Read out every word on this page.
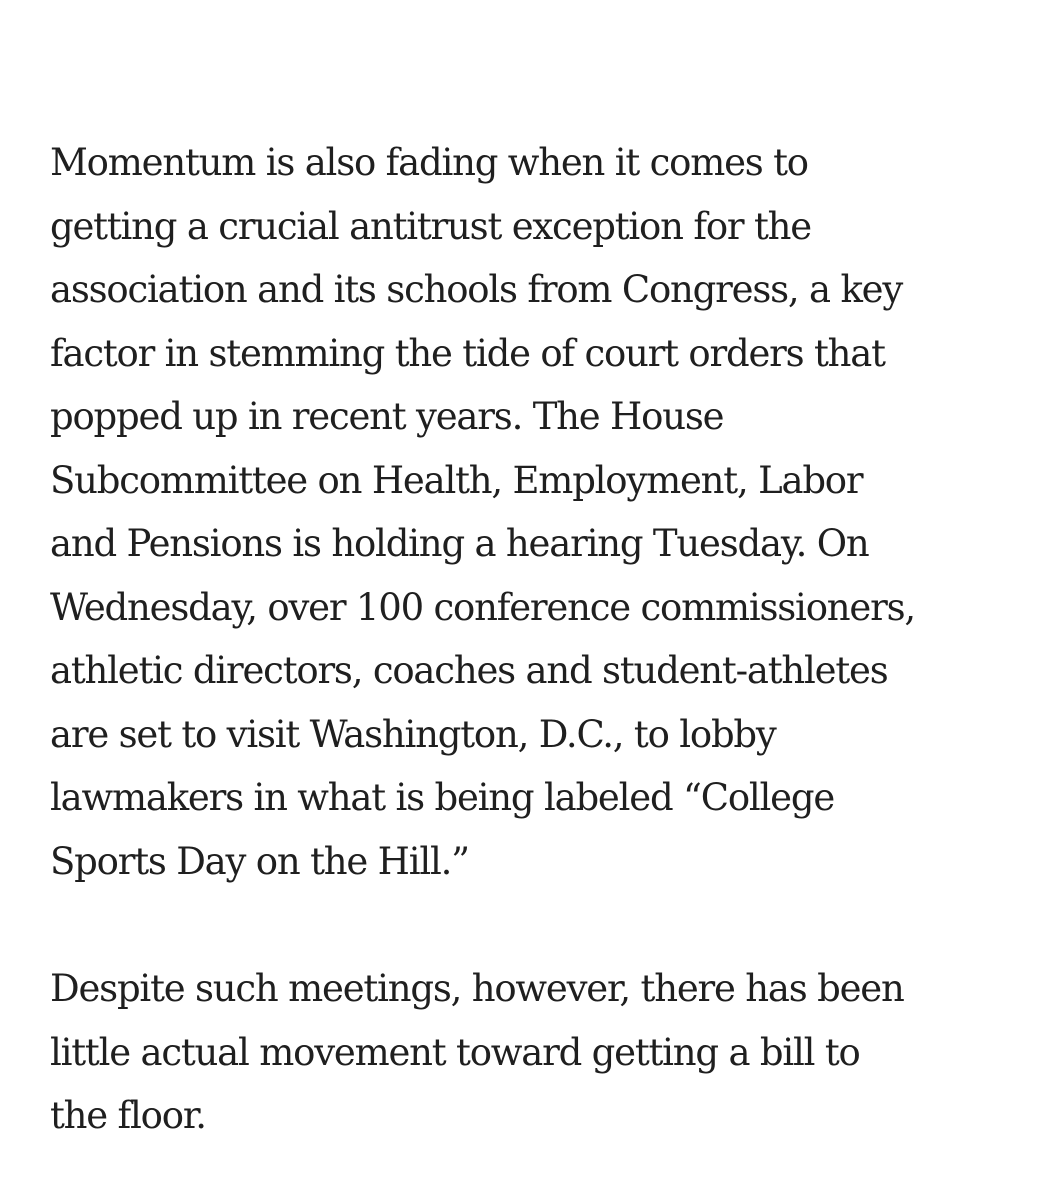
Momentum is also fading when it comes to
getting a crucial antitrust exception for the
association and its schools from Congress, a key
factor in stemming the tide of court orders that
popped up in recent years. The House
Subcommittee on Health, Employment, Labor
and Pensions is holding a hearing Tuesday. On
Wednesday, over 100 conference commissioners,
athletic directors, coaches and student-athletes
are set to visit Washington, D.C., to lobby
lawmakers in what is being labeled “College
Sports Day on the Hill.”

Despite such meetings, however, there has been
little actual movement toward getting a bill to
the floor.
